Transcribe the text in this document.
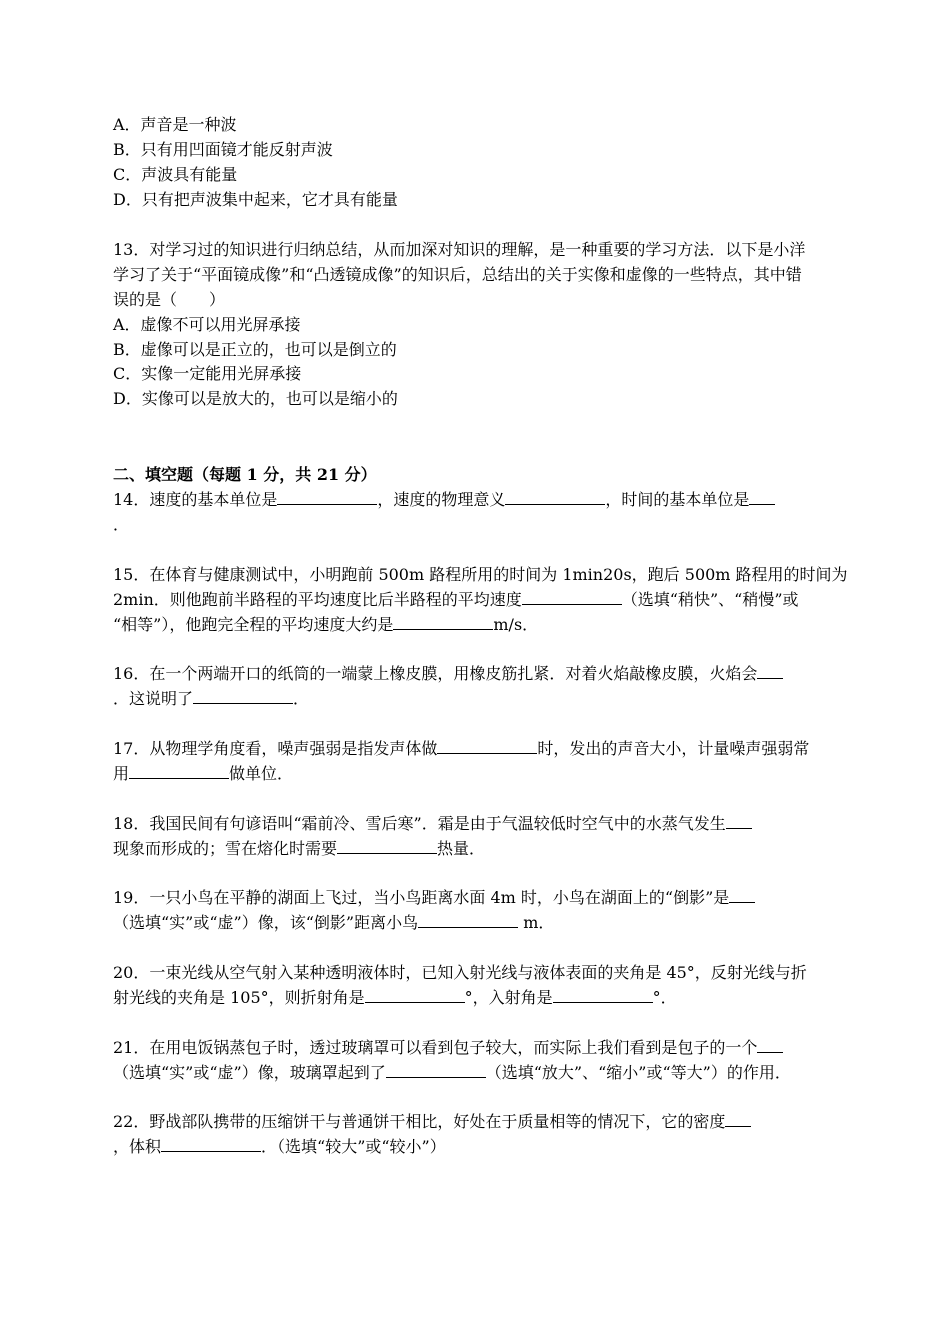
A．声音是一种波
B．只有用凹面镜才能反射声波
C．声波具有能量
D．只有把声波集中起来，它才具有能量
13．对学习过的知识进行归纳总结，从而加深对知识的理解，是一种重要的学习方法．以下是小洋
学习了关于“平面镜成像”和“凸透镜成像”的知识后，总结出的关于实像和虚像的一些特点，其中错
误的是（　　）
A．虚像不可以用光屏承接
B．虚像可以是正立的，也可以是倒立的
C．实像一定能用光屏承接
D．实像可以是放大的，也可以是缩小的
二、填空题（每题 1 分，共 21 分）
14．速度的基本单位是	，速度的物理意义	，时间的基本单位是
．
15．在体育与健康测试中，小明跑前 500m 路程所用的时间为 1min20s，跑后 500m 路程用的时间为
2min．则他跑前半路程的平均速度比后半路程的平均速度	（选填“稍快”、“稍慢”或
“相等”），他跑完全程的平均速度大约是	m/s．
16．在一个两端开口的纸筒的一端蒙上橡皮膜，用橡皮筋扎紧．对着火焰敲橡皮膜，火焰会
．这说明了	．
17．从物理学角度看，噪声强弱是指发声体做	时，发出的声音大小，计量噪声强弱常
用	做单位．
18．我国民间有句谚语叫“霜前冷、雪后寒”．霜是由于气温较低时空气中的水蒸气发生
现象而形成的；雪在熔化时需要	热量．
19．一只小鸟在平静的湖面上飞过，当小鸟距离水面 4m 时，小鸟在湖面上的“倒影”是
（选填“实”或“虚”）像，该“倒影”距离小鸟	m．
20．一束光线从空气射入某种透明液体时，已知入射光线与液体表面的夹角是 45°，反射光线与折
射光线的夹角是 105°，则折射角是	°，入射角是	°．
21．在用电饭锅蒸包子时，透过玻璃罩可以看到包子较大，而实际上我们看到是包子的一个
（选填“实”或“虚”）像，玻璃罩起到了	（选填“放大”、“缩小”或“等大”）的作用．
22．野战部队携带的压缩饼干与普通饼干相比，好处在于质量相等的情况下，它的密度
，体积	．（选填“较大”或“较小”）
